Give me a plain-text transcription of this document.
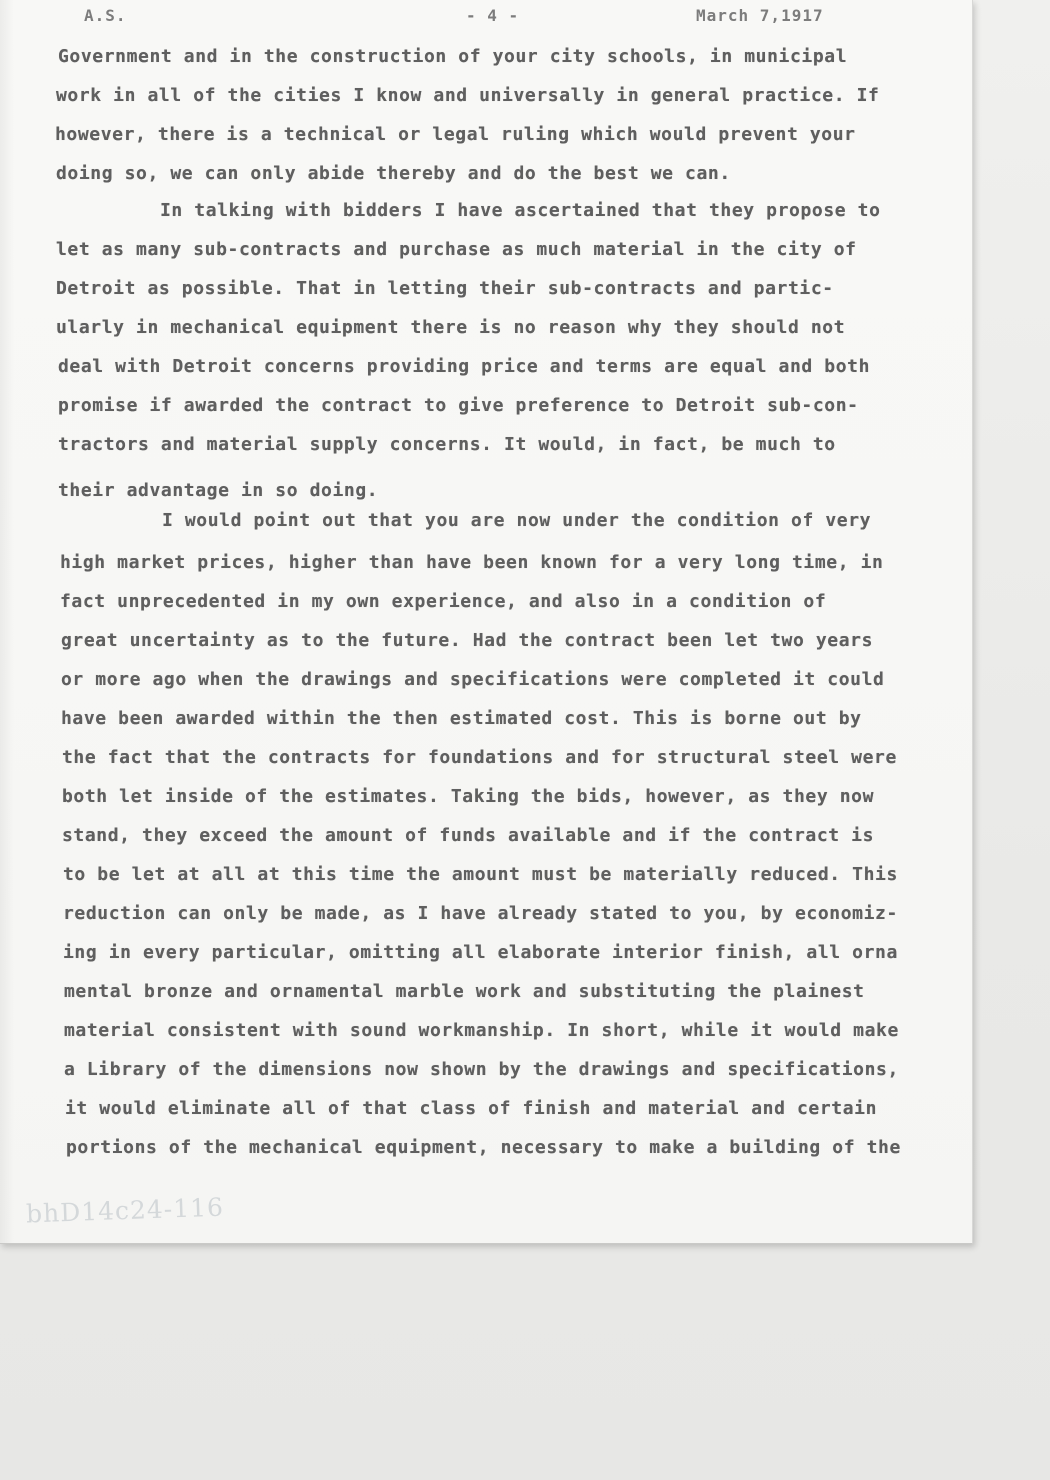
A.S.	- 4 -	March 7,1917
Government and in the construction of your city schools, in municipal
work in all of the cities I know and universally in general practice. If
however, there is a technical or legal ruling which would prevent your
doing so, we can only abide thereby and do the best we can.
In talking with bidders I have ascertained that they propose to
let as many sub-contracts and purchase as much material in the city of
Detroit as possible. That in letting their sub-contracts and partic-
ularly in mechanical equipment there is no reason why they should not
deal with Detroit concerns providing price and terms are equal and both
promise if awarded the contract to give preference to Detroit sub-con-
tractors and material supply concerns. It would, in fact, be much to
their advantage in so doing.
I would point out that you are now under the condition of very
high market prices, higher than have been known for a very long time, in
fact unprecedented in my own experience, and also in a condition of
great uncertainty as to the future. Had the contract been let two years
or more ago when the drawings and specifications were completed it could
have been awarded within the then estimated cost. This is borne out by
the fact that the contracts for foundations and for structural steel were
both let inside of the estimates. Taking the bids, however, as they now
stand, they exceed the amount of funds available and if the contract is
to be let at all at this time the amount must be materially reduced. This
reduction can only be made, as I have already stated to you, by economiz-
ing in every particular, omitting all elaborate interior finish, all orna
mental bronze and ornamental marble work and substituting the plainest
material consistent with sound workmanship. In short, while it would make
a Library of the dimensions now shown by the drawings and specifications,
it would eliminate all of that class of finish and material and certain
portions of the mechanical equipment, necessary to make a building of the
bhD14c24-116
